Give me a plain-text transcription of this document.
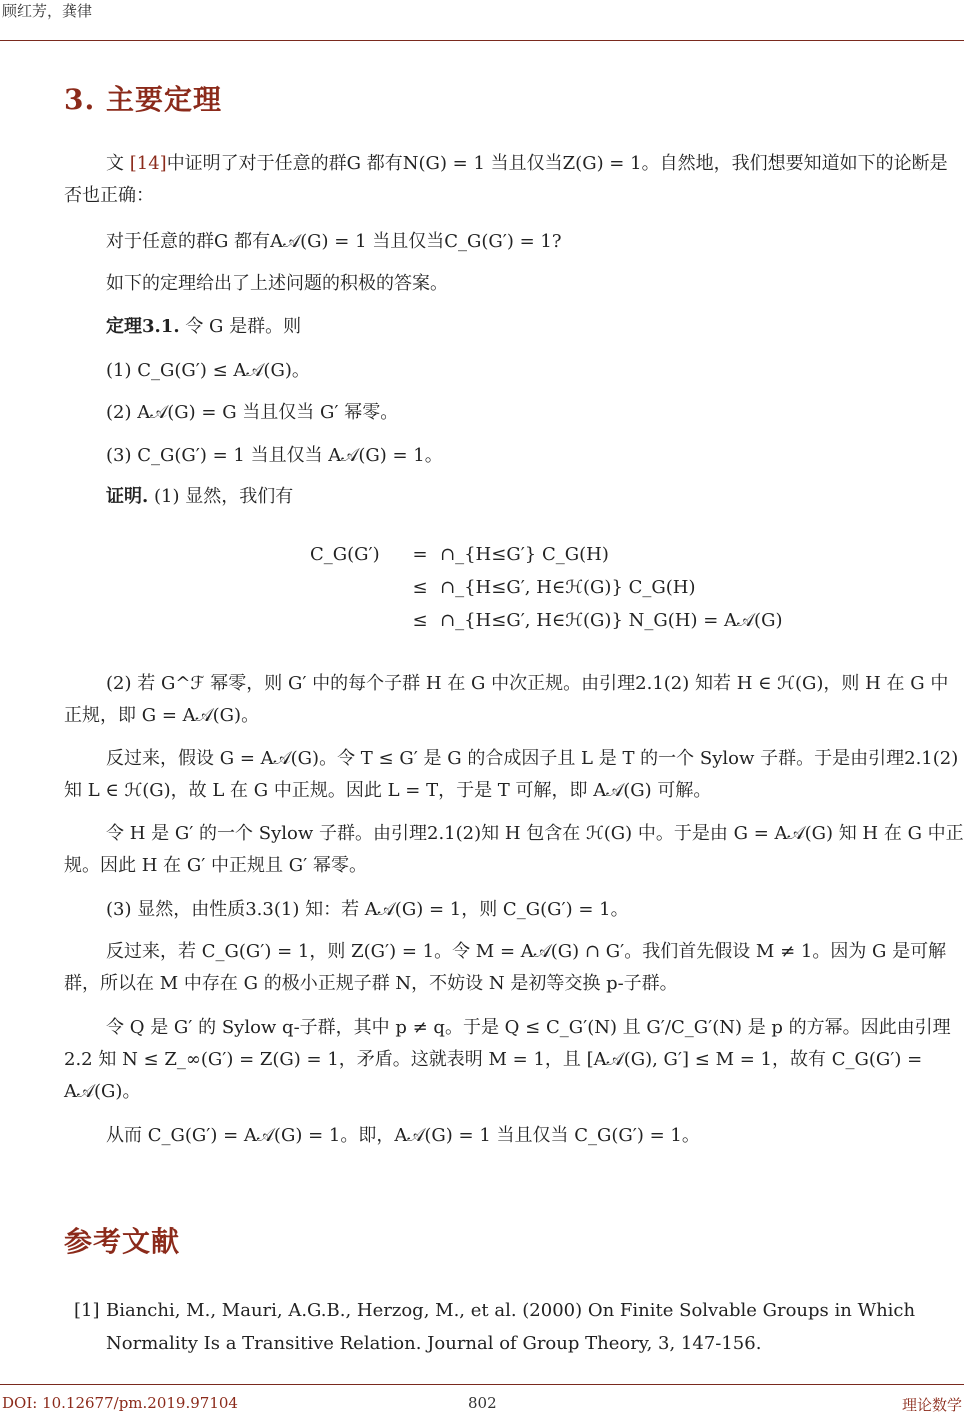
顾红芳，龚律
3. 主要定理

文 [14]中证明了对于任意的群G 都有N(G) = 1 当且仅当Z(G) = 1。自然地，我们想要知道如下的论断是否也正确：

对于任意的群G 都有A𝒜(G) = 1 当且仅当C_G(G′) = 1?

如下的定理给出了上述问题的积极的答案。

定理3.1. 令 G 是群。则

(1) C_G(G′) ≤ A𝒜(G)。

(2) A𝒜(G) = G 当且仅当 G′ 幂零。

(3) C_G(G′) = 1 当且仅当 A𝒜(G) = 1。

证明. (1) 显然，我们有

C_G(G′) = ∩_{H≤G′} C_G(H)
≤ ∩_{H≤G′, H∈ℋ(G)} C_G(H)
≤ ∩_{H≤G′, H∈ℋ(G)} N_G(H) = A𝒜(G)

(2) 若 G^ℱ 幂零，则 G′ 中的每个子群 H 在 G 中次正规。由引理2.1(2) 知若 H ∈ ℋ(G)，则 H 在 G 中正规，即 G = A𝒜(G)。

反过来，假设 G = A𝒜(G)。令 T ≤ G′ 是 G 的合成因子且 L 是 T 的一个 Sylow 子群。于是由引理2.1(2)知 L ∈ ℋ(G)，故 L 在 G 中正规。因此 L = T，于是 T 可解，即 A𝒜(G) 可解。

令 H 是 G′ 的一个 Sylow 子群。由引理2.1(2)知 H 包含在 ℋ(G) 中。于是由 G = A𝒜(G) 知 H 在 G 中正规。因此 H 在 G′ 中正规且 G′ 幂零。

(3) 显然，由性质3.3(1) 知：若 A𝒜(G) = 1，则 C_G(G′) = 1。

反过来，若 C_G(G′) = 1，则 Z(G′) = 1。令 M = A𝒜(G) ∩ G′。我们首先假设 M ≠ 1。因为 G 是可解群，所以在 M 中存在 G 的极小正规子群 N，不妨设 N 是初等交换 p-子群。

令 Q 是 G′ 的 Sylow q-子群，其中 p ≠ q。于是 Q ≤ C_G′(N) 且 G′/C_G′(N) 是 p 的方幂。因此由引理2.2 知 N ≤ Z_∞(G′) = Z(G) = 1，矛盾。这就表明 M = 1，且 [A𝒜(G), G′] ≤ M = 1，故有 C_G(G′) = A𝒜(G)。

从而 C_G(G′) = A𝒜(G) = 1。即，A𝒜(G) = 1 当且仅当 C_G(G′) = 1。

参考文献
[1] Bianchi, M., Mauri, A.G.B., Herzog, M., et al. (2000) On Finite Solvable Groups in Which Normality Is a Transitive Relation. Journal of Group Theory, 3, 147-156.
DOI: 10.12677/pm.2019.97104	802	理论数学
